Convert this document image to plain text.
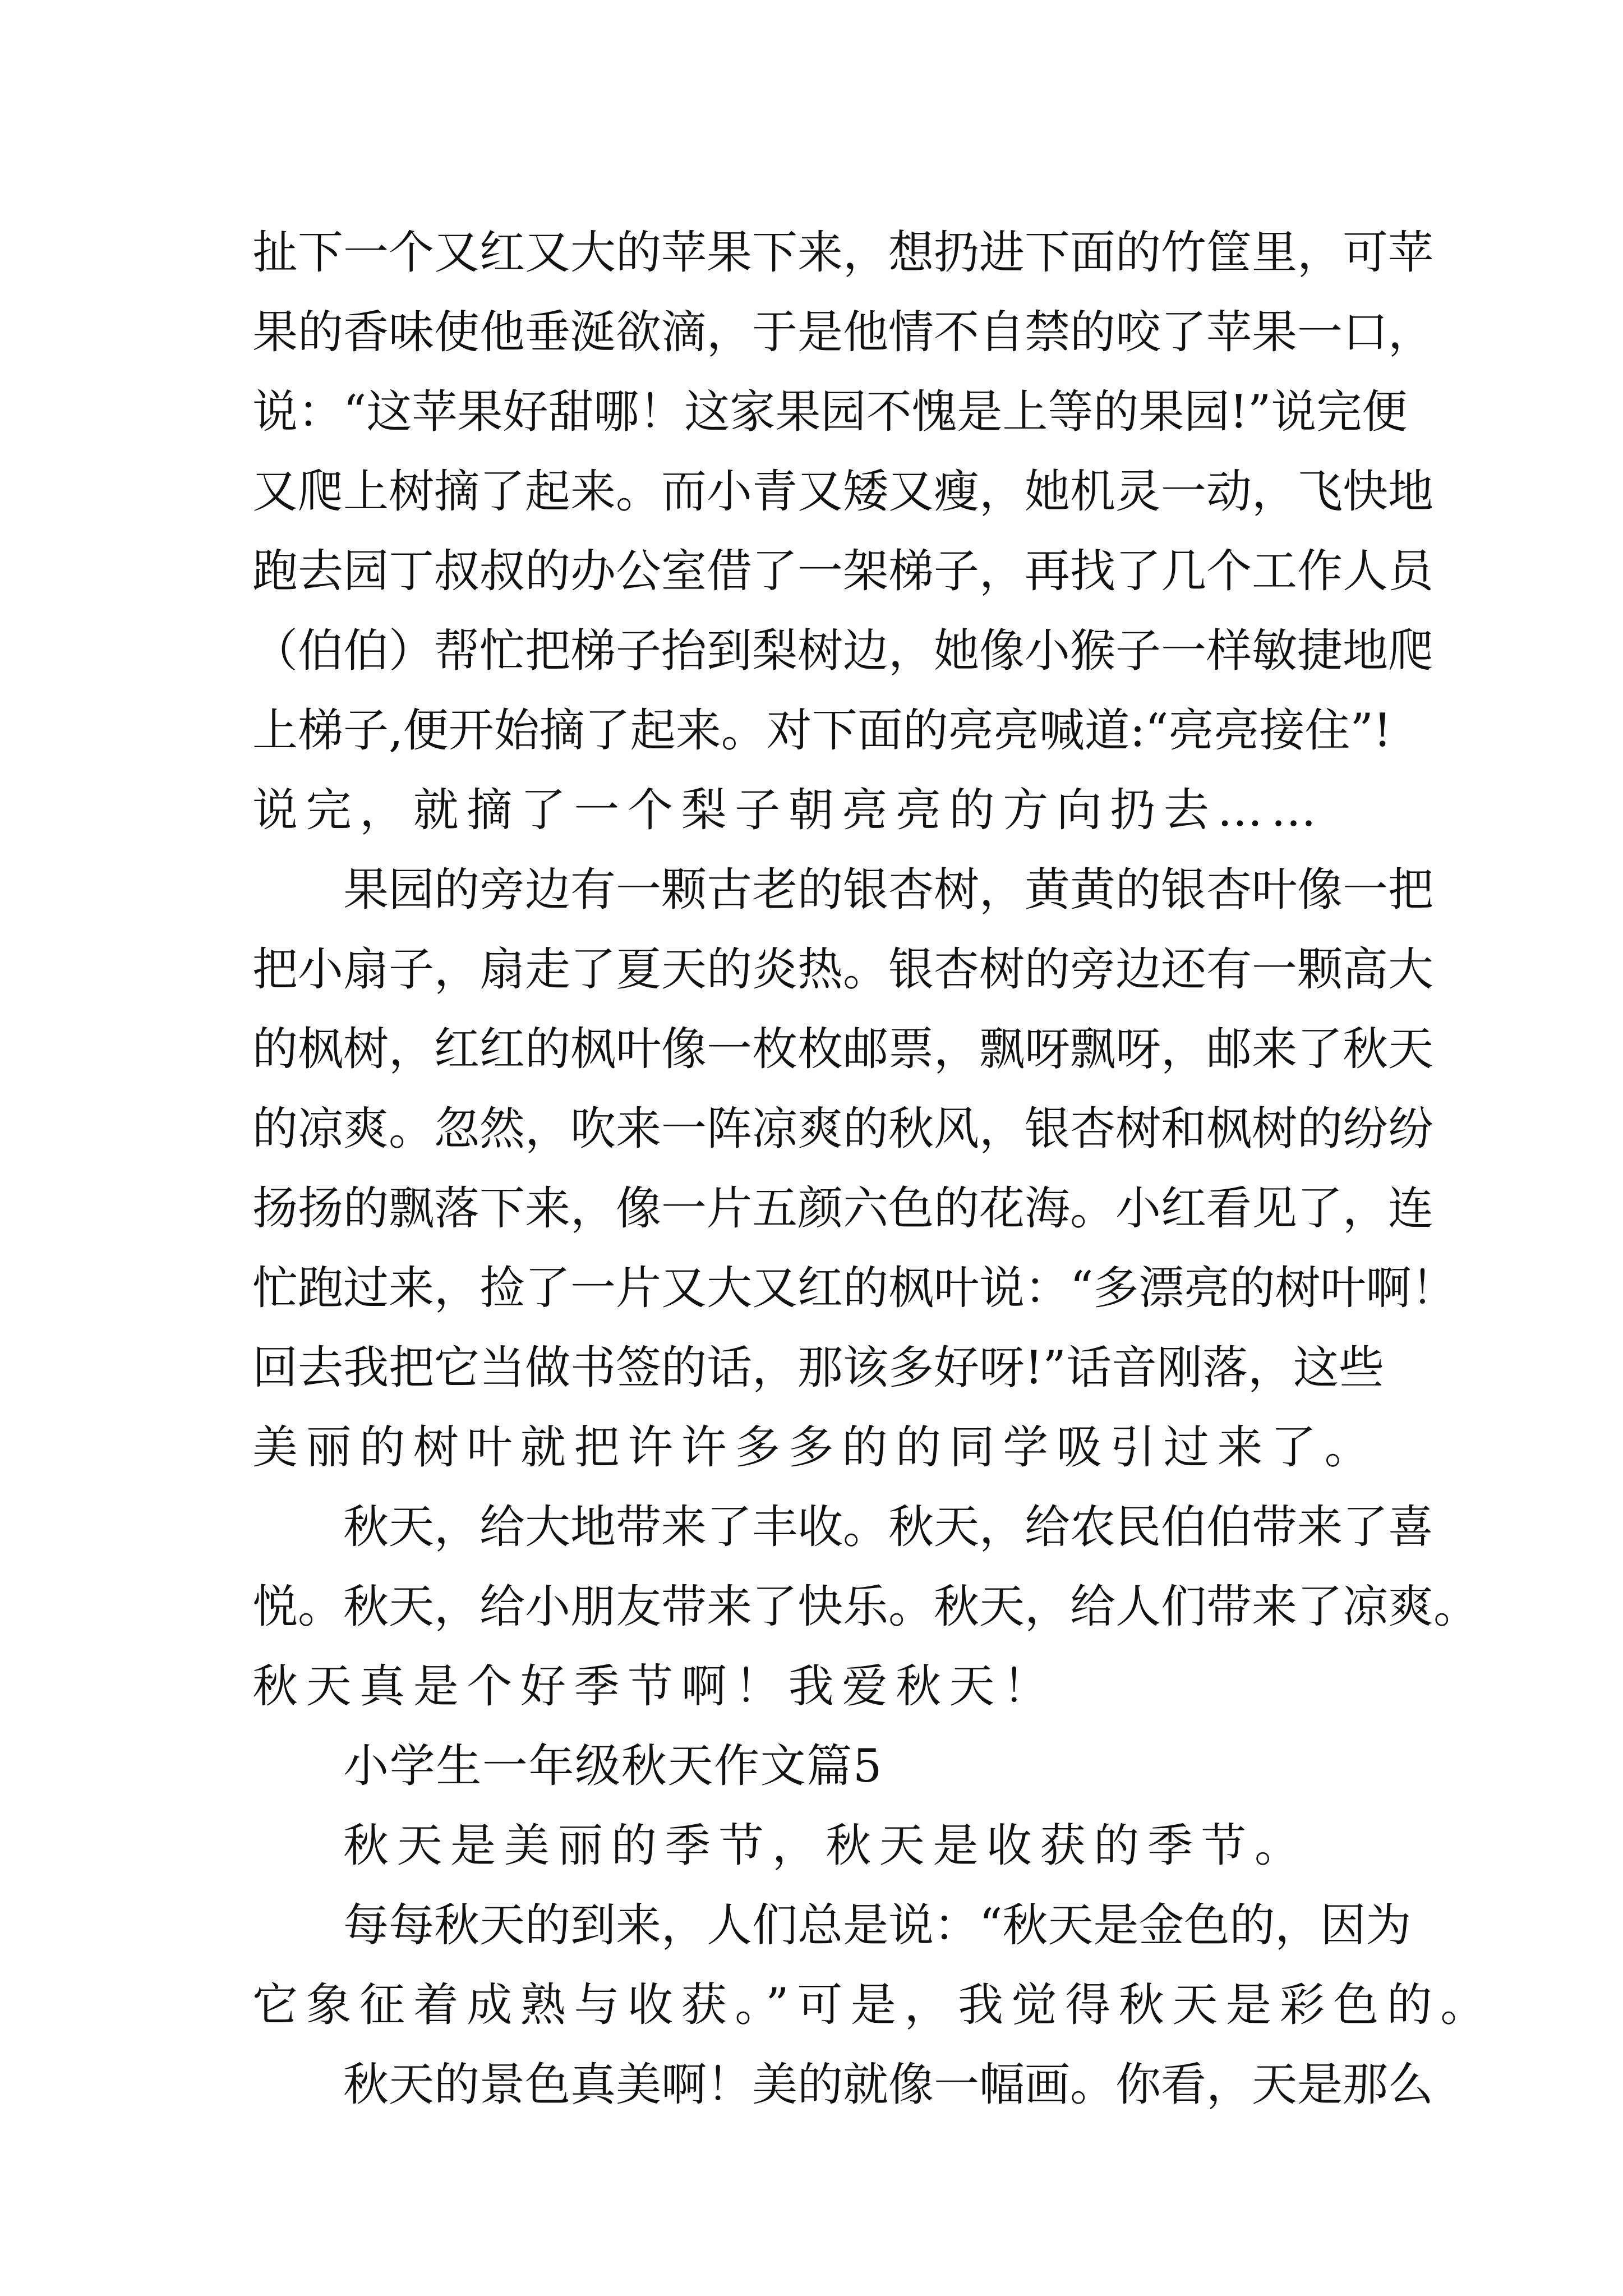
扯下一个又红又大的苹果下来，想扔进下面的竹筐里，可苹
果的香味使他垂涎欲滴，于是他情不自禁的咬了苹果一口，
说：“这苹果好甜哪！这家果园不愧是上等的果园!”说完便
又爬上树摘了起来。而小青又矮又瘦，她机灵一动，飞快地
跑去园丁叔叔的办公室借了一架梯子，再找了几个工作人员
（伯伯）帮忙把梯子抬到梨树边，她像小猴子一样敏捷地爬
上梯子,便开始摘了起来。对下面的亮亮喊道:“亮亮接住”!
说完，就摘了一个梨子朝亮亮的方向扔去……
果园的旁边有一颗古老的银杏树，黄黄的银杏叶像一把
把小扇子，扇走了夏天的炎热。银杏树的旁边还有一颗高大
的枫树，红红的枫叶像一枚枚邮票，飘呀飘呀，邮来了秋天
的凉爽。忽然，吹来一阵凉爽的秋风，银杏树和枫树的纷纷
扬扬的飘落下来，像一片五颜六色的花海。小红看见了，连
忙跑过来，捡了一片又大又红的枫叶说：“多漂亮的树叶啊！
回去我把它当做书签的话，那该多好呀!”话音刚落，这些
美丽的树叶就把许许多多的的同学吸引过来了。
秋天，给大地带来了丰收。秋天，给农民伯伯带来了喜
悦。秋天，给小朋友带来了快乐。秋天，给人们带来了凉爽。
秋天真是个好季节啊！我爱秋天！
小学生一年级秋天作文篇5
秋天是美丽的季节，秋天是收获的季节。
每每秋天的到来，人们总是说：“秋天是金色的，因为
它象征着成熟与收获。”可是，我觉得秋天是彩色的。
秋天的景色真美啊！美的就像一幅画。你看，天是那么
